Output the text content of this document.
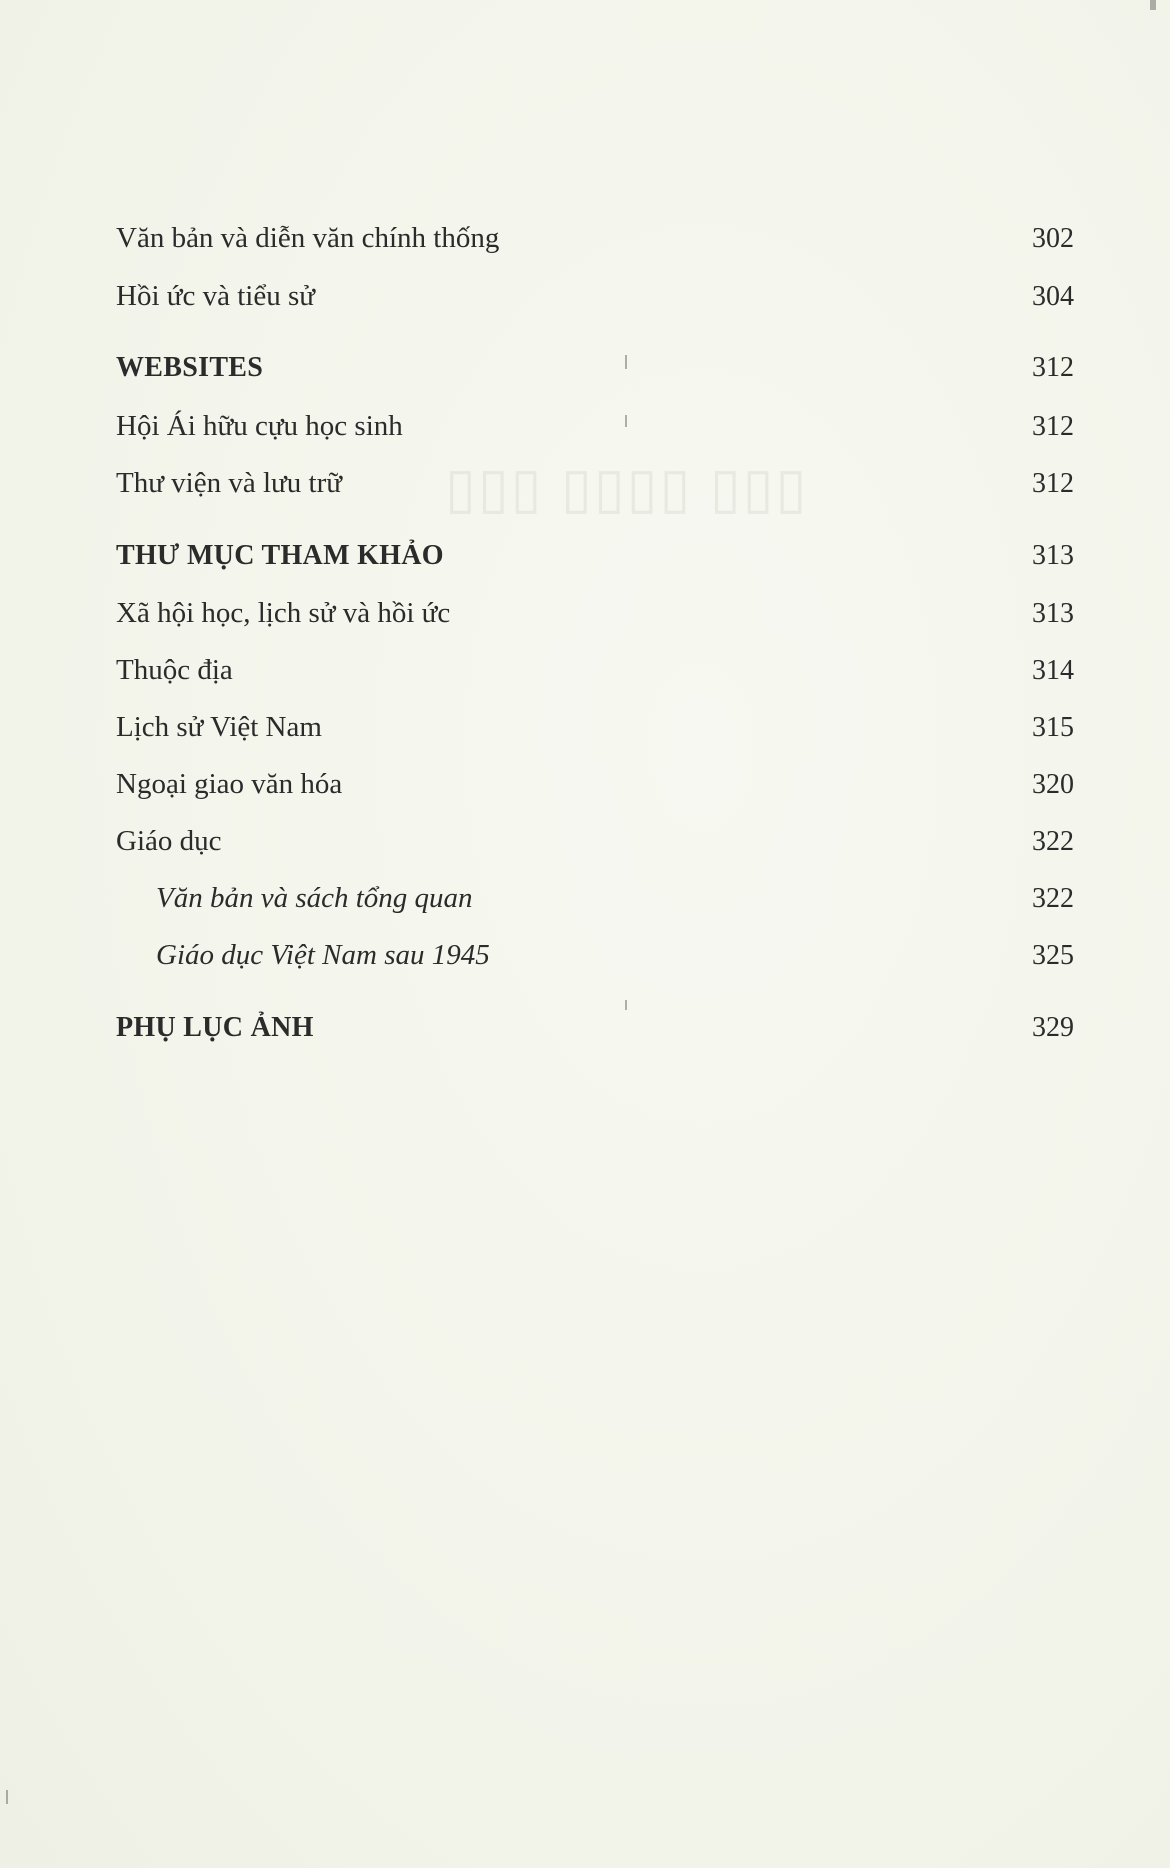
▯▯▯ ▯▯▯▯ ▯▯▯
Văn bản và diễn văn chính thống	302
Hồi ức và tiểu sử	304
WEBSITES	312
Hội Ái hữu cựu học sinh	312
Thư viện và lưu trữ	312
THƯ MỤC THAM KHẢO	313
Xã hội học, lịch sử và hồi ức	313
Thuộc địa	314
Lịch sử Việt Nam	315
Ngoại giao văn hóa	320
Giáo dục	322
Văn bản và sách tổng quan	322
Giáo dục Việt Nam sau 1945	325
PHỤ LỤC ẢNH	329
